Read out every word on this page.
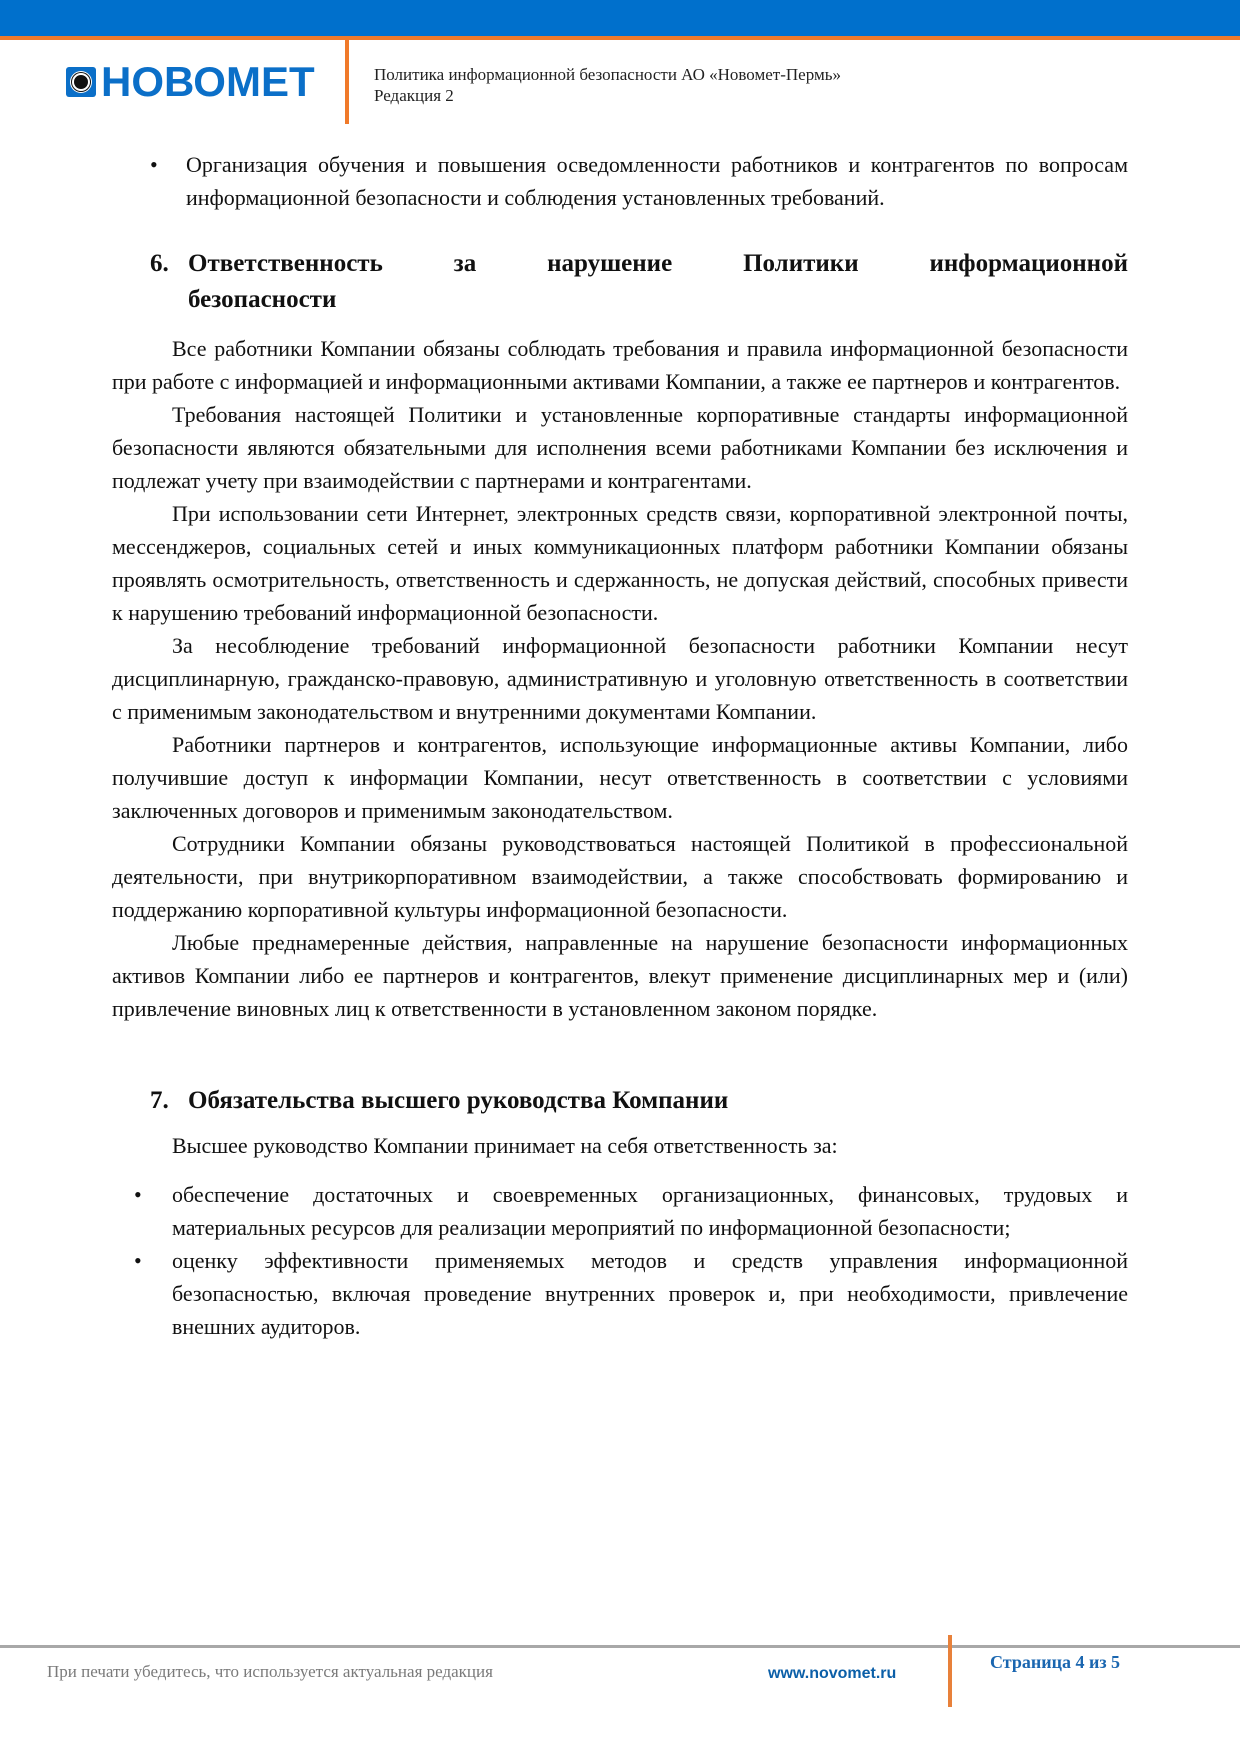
НОВОМЕТ	Политика информационной безопасности АО «Новомет-Пермь»
Редакция 2

• Организация обучения и повышения осведомленности работников и контрагентов по вопросам информационной безопасности и соблюдения установленных требований.

6. Ответственность	за	нарушение	Политики	информационной
безопасности

Все работники Компании обязаны соблюдать требования и правила информационной безопасности при работе с информацией и информационными активами Компании, а также ее партнеров и контрагентов.

Требования настоящей Политики и установленные корпоративные стандарты информационной безопасности являются обязательными для исполнения всеми работниками Компании без исключения и подлежат учету при взаимодействии с партнерами и контрагентами.

При использовании сети Интернет, электронных средств связи, корпоративной электронной почты, мессенджеров, социальных сетей и иных коммуникационных платформ работники Компании обязаны проявлять осмотрительность, ответственность и сдержанность, не допуская действий, способных привести к нарушению требований информационной безопасности.

За несоблюдение требований информационной безопасности работники Компании несут дисциплинарную, гражданско-правовую, административную и уголовную ответственность в соответствии с применимым законодательством и внутренними документами Компании.

Работники партнеров и контрагентов, использующие информационные активы Компании, либо получившие доступ к информации Компании, несут ответственность в соответствии с условиями заключенных договоров и применимым законодательством.

Сотрудники Компании обязаны руководствоваться настоящей Политикой в профессиональной деятельности, при внутрикорпоративном взаимодействии, а также способствовать формированию и поддержанию корпоративной культуры информационной безопасности.

Любые преднамеренные действия, направленные на нарушение безопасности информационных активов Компании либо ее партнеров и контрагентов, влекут применение дисциплинарных мер и (или) привлечение виновных лиц к ответственности в установленном законом порядке.

7. Обязательства высшего руководства Компании

Высшее руководство Компании принимает на себя ответственность за:

• обеспечение достаточных и своевременных организационных, финансовых, трудовых и материальных ресурсов для реализации мероприятий по информационной безопасности;

• оценку эффективности применяемых методов и средств управления информационной безопасностью, включая проведение внутренних проверок и, при необходимости, привлечение внешних аудиторов.

При печати убедитесь, что используется актуальная редакция	www.novomet.ru
Страница 4 из 5
